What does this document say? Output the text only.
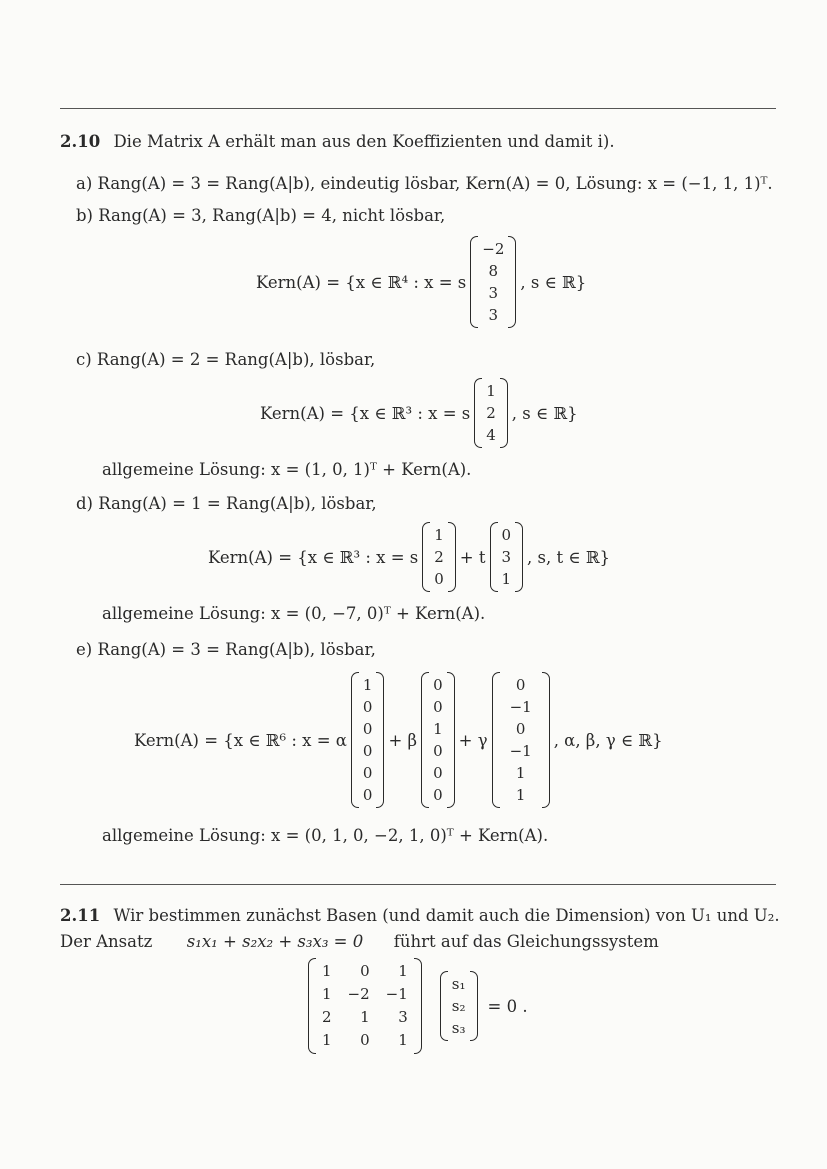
2.10 Die Matrix A erhält man aus den Koeffizienten und damit i).
a) Rang(A) = 3 = Rang(A|b), eindeutig lösbar, Kern(A) = 0, Lösung: x = (−1, 1, 1)ᵀ.
b) Rang(A) = 3, Rang(A|b) = 4, nicht lösbar,
Kern(A) = {x ∈ ℝ⁴ : x = s
−2
8
3
3
, s ∈ ℝ}
c) Rang(A) = 2 = Rang(A|b), lösbar,
Kern(A) = {x ∈ ℝ³ : x = s
1
2
4
, s ∈ ℝ}
allgemeine Lösung: x = (1, 0, 1)ᵀ + Kern(A).
d) Rang(A) = 1 = Rang(A|b), lösbar,
Kern(A) = {x ∈ ℝ³ : x = s
1
2
0
+ t
0
3
1
, s, t ∈ ℝ}
allgemeine Lösung: x = (0, −7, 0)ᵀ + Kern(A).
e) Rang(A) = 3 = Rang(A|b), lösbar,
Kern(A) = {x ∈ ℝ⁶ : x = α
1
0
0
0
0
0
+ β
0
0
1
0
0
0
+ γ
0
−1
0
−1
1
1
, α, β, γ ∈ ℝ}
allgemeine Lösung: x = (0, 1, 0, −2, 1, 0)ᵀ + Kern(A).
2.11 Wir bestimmen zunächst Basen (und damit auch die Dimension) von U₁ und U₂.
Der Ansatz s₁x₁ + s₂x₂ + s₃x₃ = 0 führt auf das Gleichungssystem
1	0	1
1 −2 −1
2	1	3
1	0	1
s₁
s₂
s₃
= 0 .
